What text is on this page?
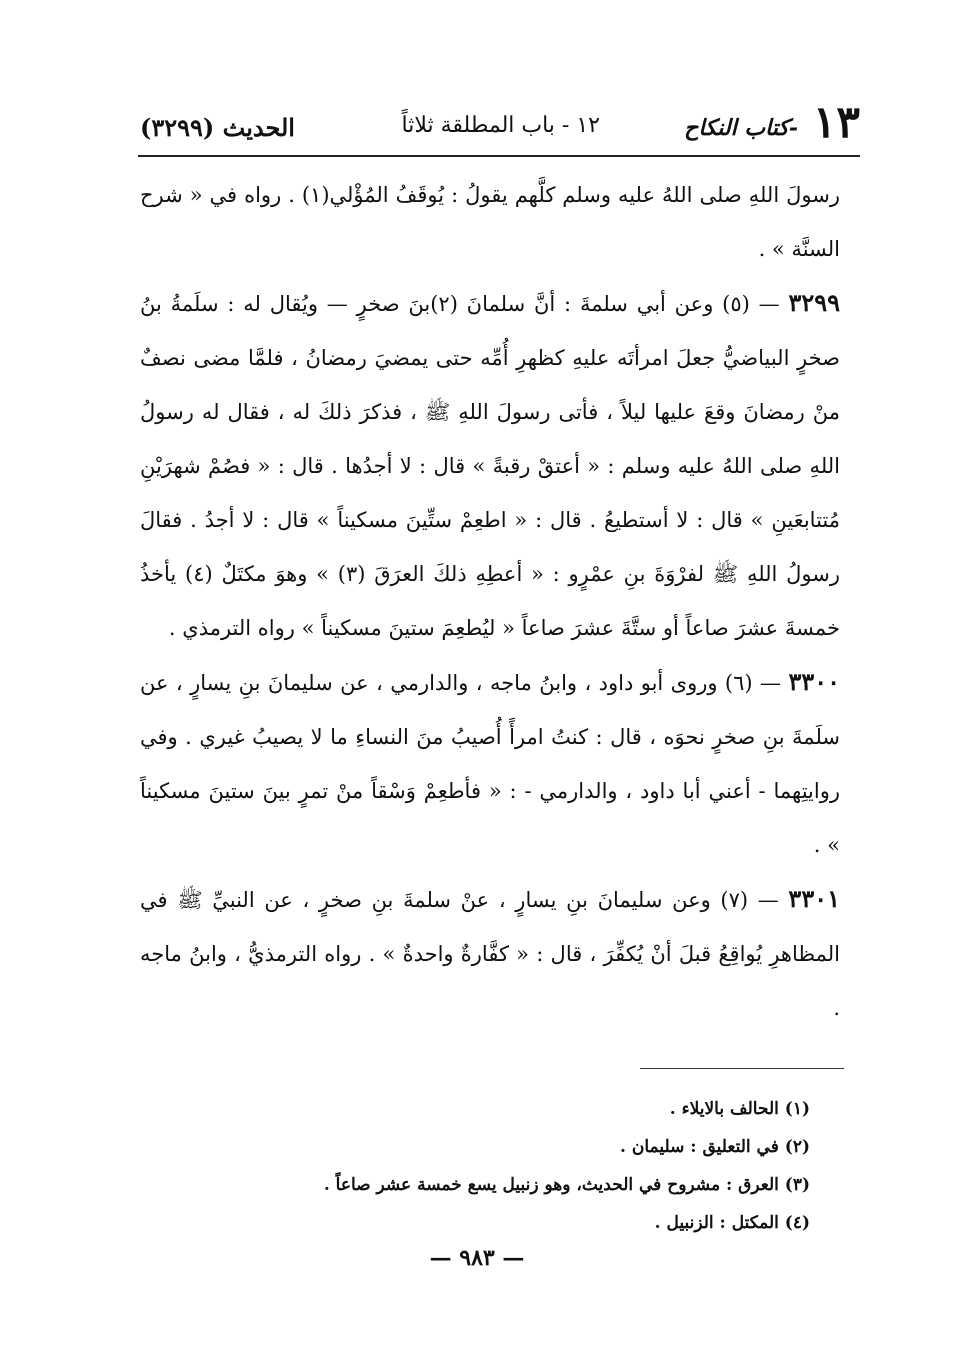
١٣
-كتاب النكاح
١٢ - باب المطلقة ثلاثاً
الحديث (٣٢٩٩)

رسولَ اللهِ صلى اللهُ عليه وسلم كلَّهم يقولُ : يُوقَفُ المُؤْلي(١) . رواه في « شرح السنَّة » .

٣٢٩٩ — (٥) وعن أبي سلمةَ : أنَّ سلمانَ (٢)بنَ صخرٍ — ويُقال له : سلَمةُ بنُ صخرٍ البياضيُّ جعلَ امرأتَه عليهِ كظهرِ أُمِّه حتى يمضيَ رمضانُ ، فلمَّا مضى نصفٌ منْ رمضانَ وقعَ عليها ليلاً ، فأتى رسولَ اللهِ ﷺ ، فذكرَ ذلكَ له ، فقال له رسولُ اللهِ صلى اللهُ عليه وسلم : « أعتقْ رقبةً » قال : لا أجدُها . قال : « فصُمْ شهرَيْنِ مُتتابعَينِ » قال : لا أستطيعُ . قال : « اطعِمْ ستِّينَ مسكيناً » قال : لا أجدُ . فقالَ رسولُ اللهِ ﷺ لفرْوَةَ بنِ عمْرٍو : « أعطِهِ ذلكَ العرَقَ (٣) » وهوَ مكتَلٌ (٤) يأخذُ خمسةَ عشرَ صاعاً أو ستَّةَ عشرَ صاعاً « ليُطعِمَ ستينَ مسكيناً » رواه الترمذي .

٣٣٠٠ — (٦) وروى أبو داود ، وابنُ ماجه ، والدارمي ، عن سليمانَ بنِ يسارٍ ، عن سلَمةَ بنِ صخرٍ نحوَه ، قال : كنتُ امرأً أُصيبُ منَ النساءِ ما لا يصيبُ غيري . وفي روايتِهما - أعني أبا داود ، والدارمي - : « فأطعِمْ وَسْقاً منْ تمرٍ بينَ ستينَ مسكيناً » .

٣٣٠١ — (٧) وعن سليمانَ بنِ يسارٍ ، عنْ سلمةَ بنِ صخرٍ ، عن النبيِّ ﷺ في المظاهرِ يُواقِعُ قبلَ أنْ يُكفِّرَ ، قال : « كفَّارةٌ واحدةٌ » . رواه الترمذيُّ ، وابنُ ماجه .

(١) الحالف بالايلاء .
(٢) في التعليق : سليمان .
(٣) العرق : مشروح في الحديث، وهو زنبيل يسع خمسة عشر صاعاً .
(٤) المكتل : الزنبيل .
— ٩٨٣ —
